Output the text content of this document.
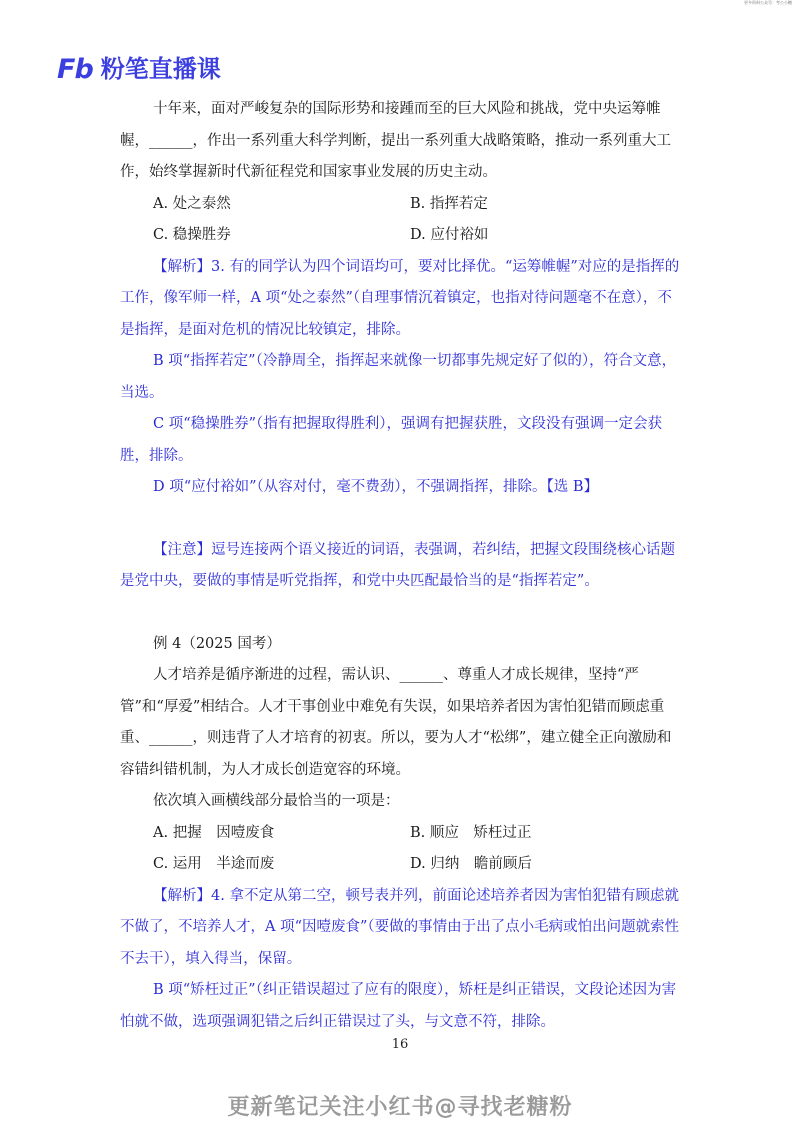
更多资料公众号：考公小糖
Fb 粉笔直播课

十年来，面对严峻复杂的国际形势和接踵而至的巨大风险和挑战，党中央运筹帷幄，______，作出一系列重大科学判断，提出一系列重大战略策略，推动一系列重大工作，始终掌握新时代新征程党和国家事业发展的历史主动。

A. 处之泰然	B. 指挥若定
C. 稳操胜券	D. 应付裕如

【解析】3. 有的同学认为四个词语均可，要对比择优。“运筹帷幄”对应的是指挥的工作，像军师一样，A 项“处之泰然”（自理事情沉着镇定，也指对待问题毫不在意），不是指挥，是面对危机的情况比较镇定，排除。

B 项“指挥若定”（冷静周全，指挥起来就像一切都事先规定好了似的），符合文意，当选。

C 项“稳操胜券”（指有把握取得胜利），强调有把握获胜，文段没有强调一定会获胜，排除。

D 项“应付裕如”（从容对付，毫不费劲），不强调指挥，排除。【选 B】

【注意】逗号连接两个语义接近的词语，表强调，若纠结，把握文段围绕核心话题是党中央，要做的事情是听党指挥，和党中央匹配最恰当的是“指挥若定”。

例 4（2025 国考）

人才培养是循序渐进的过程，需认识、______、尊重人才成长规律，坚持“严管”和“厚爱”相结合。人才干事创业中难免有失误，如果培养者因为害怕犯错而顾虑重重、______，则违背了人才培育的初衷。所以，要为人才“松绑”，建立健全正向激励和容错纠错机制，为人才成长创造宽容的环境。

依次填入画横线部分最恰当的一项是：

A. 把握　因噎废食	B. 顺应　矫枉过正
C. 运用　半途而废	D. 归纳　瞻前顾后

【解析】4. 拿不定从第二空，顿号表并列，前面论述培养者因为害怕犯错有顾虑就不做了，不培养人才，A 项“因噎废食”（要做的事情由于出了点小毛病或怕出问题就索性不去干），填入得当，保留。

B 项“矫枉过正”（纠正错误超过了应有的限度），矫枉是纠正错误，文段论述因为害怕就不做，选项强调犯错之后纠正错误过了头，与文意不符，排除。

16
更新笔记关注小红书@寻找老糖粉
